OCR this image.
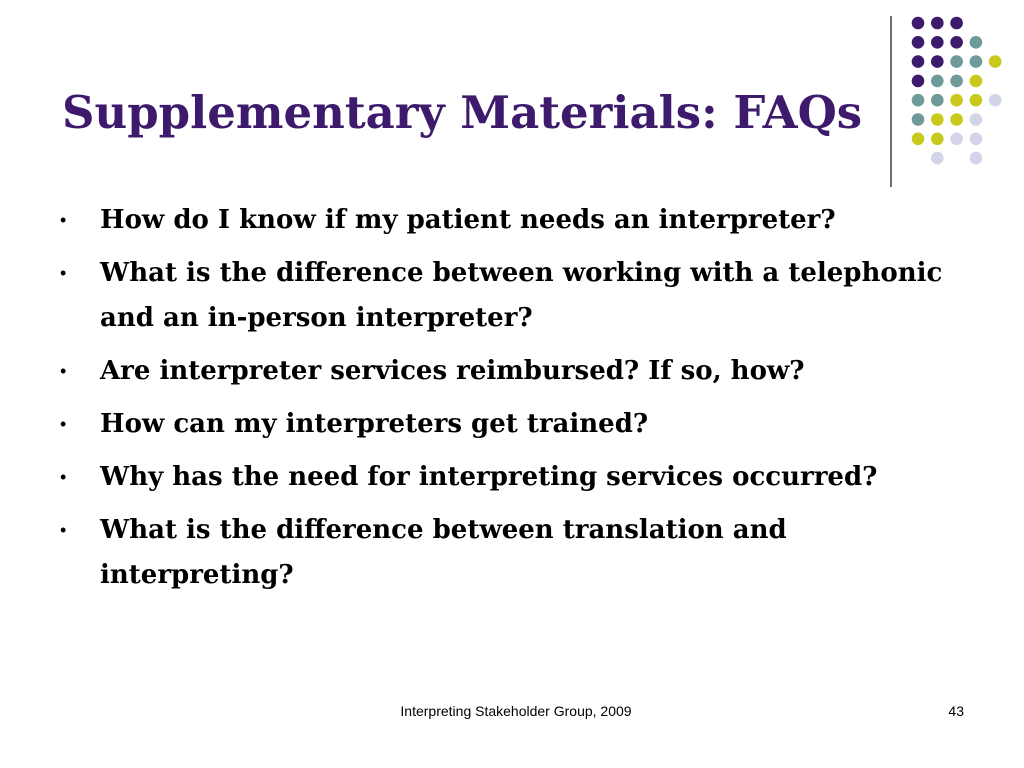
Supplementary Materials: FAQs
• How do I know if my patient needs an interpreter?
• What is the difference between working with a telephonic and an in-person interpreter?
• Are interpreter services reimbursed? If so, how?
• How can my interpreters get trained?
• Why has the need for interpreting services occurred?
• What is the difference between translation and interpreting?
Interpreting Stakeholder Group, 2009	43
